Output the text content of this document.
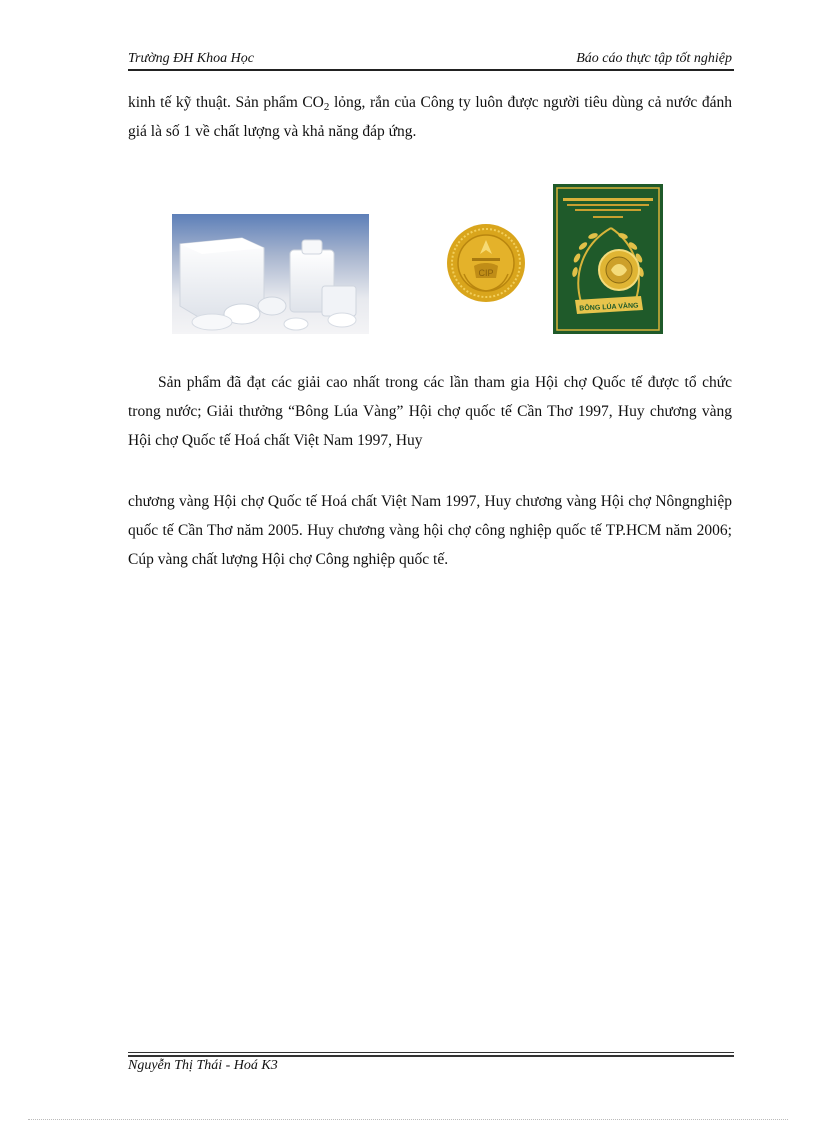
Trường ĐH Khoa Học	Báo cáo thực tập tốt nghiệp

kinh tế kỹ thuật. Sản phẩm $CO_2$ lỏng, rắn của Công ty luôn được người tiêu dùng cả nước đánh giá là số 1 về chất lượng và khả năng đáp ứng.

CIP
BÔNG LÚA VÀNG

Sản phẩm đã đạt các giải cao nhất trong các lần tham gia Hội chợ Quốc tế được tổ chức trong nước; Giải thưởng “Bông Lúa Vàng” Hội chợ quốc tế Cần Thơ 1997, Huy chương vàng Hội chợ Quốc tế Hoá chất Việt Nam 1997, Huy

chương vàng Hội chợ Quốc tế Hoá chất Việt Nam 1997, Huy chương vàng Hội chợ Nôngnghiệp quốc tế Cần Thơ năm 2005. Huy chương vàng hội chợ công nghiệp quốc tế TP.HCM năm 2006; Cúp vàng chất lượng Hội chợ Công nghiệp quốc tế.

Nguyễn Thị Thái - Hoá K3
